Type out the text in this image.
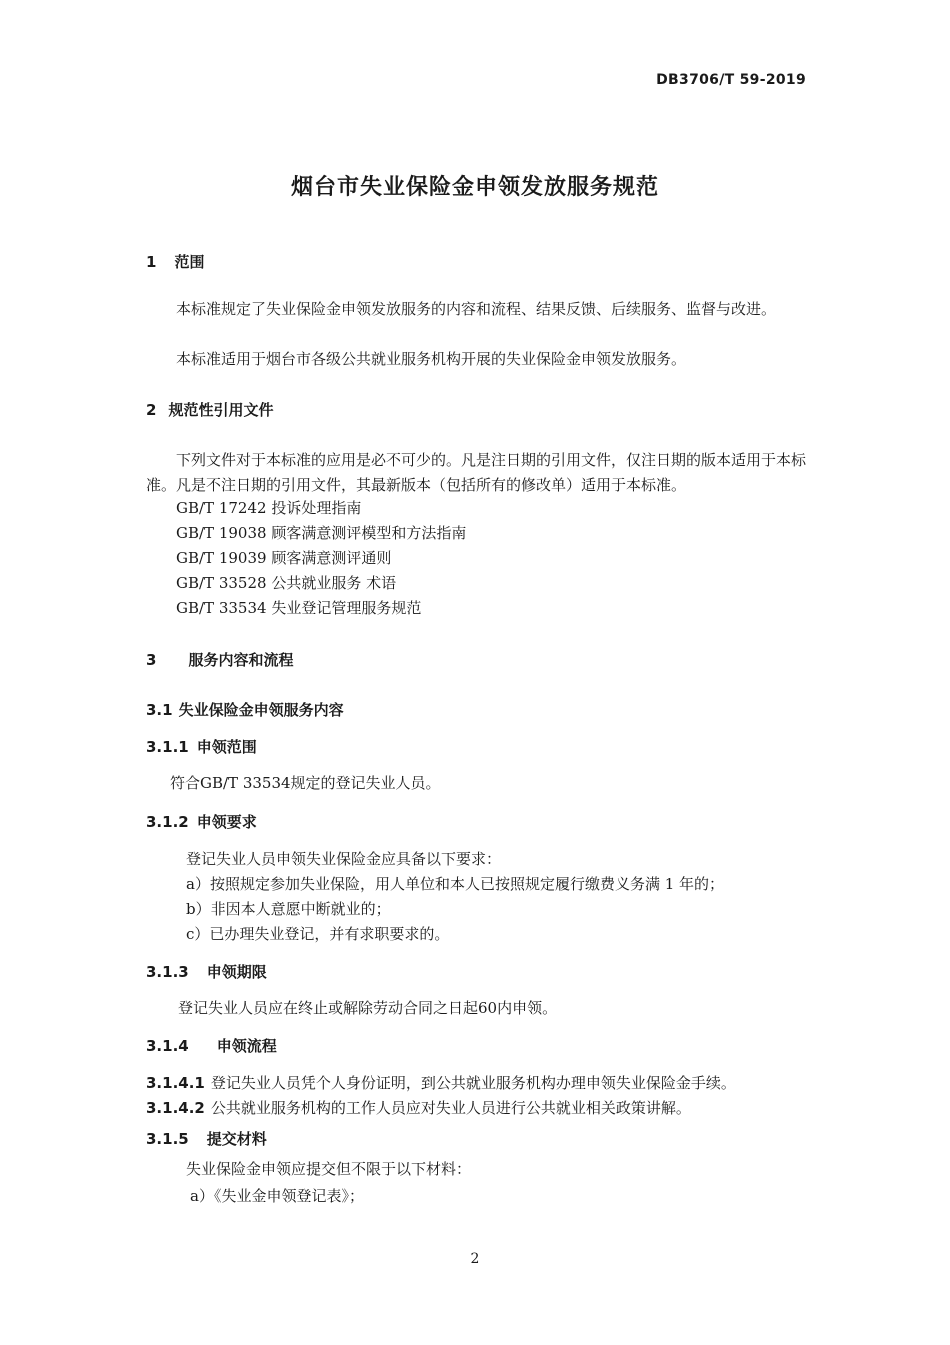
DB3706/T 59-2019
烟台市失业保险金申领发放服务规范
1 范围
本标准规定了失业保险金申领发放服务的内容和流程、结果反馈、后续服务、监督与改进。
本标准适用于烟台市各级公共就业服务机构开展的失业保险金申领发放服务。
2 规范性引用文件
下列文件对于本标准的应用是必不可少的。凡是注日期的引用文件，仅注日期的版本适用于本标准。凡是不注日期的引用文件，其最新版本（包括所有的修改单）适用于本标准。
GB/T 17242 投诉处理指南
GB/T 19038 顾客满意测评模型和方法指南
GB/T 19039 顾客满意测评通则
GB/T 33528 公共就业服务 术语
GB/T 33534 失业登记管理服务规范
3 服务内容和流程
3.1 失业保险金申领服务内容
3.1.1 申领范围
符合GB/T 33534规定的登记失业人员。
3.1.2 申领要求
登记失业人员申领失业保险金应具备以下要求：
a）按照规定参加失业保险，用人单位和本人已按照规定履行缴费义务满 1 年的；
b）非因本人意愿中断就业的；
c）已办理失业登记，并有求职要求的。
3.1.3 申领期限
登记失业人员应在终止或解除劳动合同之日起60内申领。
3.1.4 申领流程
3.1.4.1 登记失业人员凭个人身份证明，到公共就业服务机构办理申领失业保险金手续。
3.1.4.2 公共就业服务机构的工作人员应对失业人员进行公共就业相关政策讲解。
3.1.5 提交材料
失业保险金申领应提交但不限于以下材料：
a）《失业金申领登记表》；
2
